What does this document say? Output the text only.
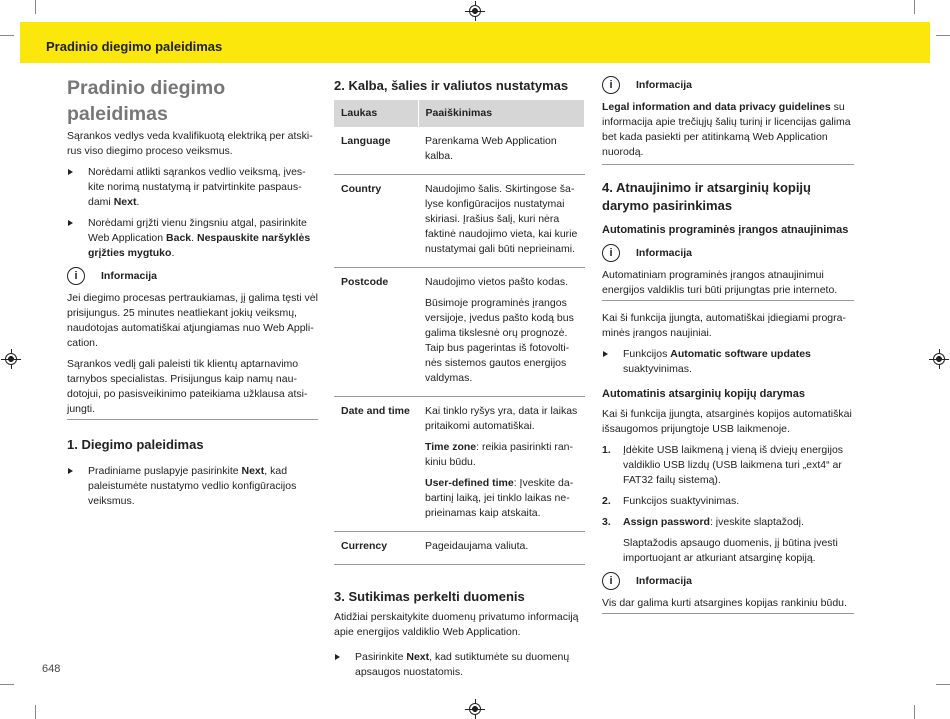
Pradinio diegimo paleidimas
Pradinio diegimo paleidimas

Sąrankos vedlys veda kvalifikuotą elektriką per atskirus viso diegimo proceso veiksmus.

Norėdami atlikti sąrankos vedlio veiksmą, įveskite norimą nustatymą ir patvirtinkite paspausdami Next.
Norėdami grįžti vienu žingsniu atgal, pasirinkite Web Application Back. Nespauskite naršyklės grįžties mygtuko.
i	Informacija

Jei diegimo procesas pertraukiamas, jį galima tęsti vėl prisijungus. 25 minutes neatliekant jokių veiksmų, naudotojas automatiškai atjungiamas nuo Web Application.

Sąrankos vedlį gali paleisti tik klientų aptarnavimo tarnybos specialistas. Prisijungus kaip namų naudotojui, po pasisveikinimo pateikiama užklausa atsijungti.

1. Diegimo paleidimas
Pradiniame puslapyje pasirinkite Next, kad paleistumėte nustatymo vedlio konfigūracijos veiksmus.
2. Kalba, šalies ir valiutos nustatymas
Laukas	Paaiškinimas
Language	Parenkama Web Application kalba.
Country	Naudojimo šalis. Skirtingose šalyse konfigūracijos nustatymai skiriasi. Įrašius šalį, kuri nėra faktinė naudojimo vieta, kai kurie nustatymai gali būti neprieinami.
Postcode	Naudojimo vietos pašto kodas.

Būsimoje programinės įrangos versijoje, įvedus pašto kodą bus galima tikslesnė orų prognozė. Taip bus pagerintas iš fotovoltinės sistemos gautos energijos valdymas.

Date and time	Kai tinklo ryšys yra, data ir laikas pritaikomi automatiškai.

Time zone: reikia pasirinkti rankiniu būdu.

User-defined time: Įveskite dabartinį laiką, jei tinklo laikas neprieinamas kaip atskaita.

Currency	Pageidaujama valiuta.
3. Sutikimas perkelti duomenis

Atidžiai perskaitykite duomenų privatumo informaciją apie energijos valdiklio Web Application.

Pasirinkite Next, kad sutiktumėte su duomenų apsaugos nuostatomis.
i	Informacija
Legal information and data privacy guidelines su informacija apie trečiųjų šalių turinį ir licencijas galima bet kada pasiekti per atitinkamą Web Application nuorodą.
4. Atnaujinimo ir atsarginių kopijų darymo pasirinkimas
Automatinis programinės įrangos atnaujinimas
i	Informacija
Automatiniam programinės įrangos atnaujinimui energijos valdiklis turi būti prijungtas prie interneto.

Kai ši funkcija įjungta, automatiškai įdiegiami programinės įrangos naujiniai.

Funkcijos Automatic software updates suaktyvinimas.
Automatinis atsarginių kopijų darymas

Kai ši funkcija įjungta, atsarginės kopijos automatiškai išsaugomos prijungtoje USB laikmenoje.

1. Įdėkite USB laikmeną į vieną iš dviejų energijos valdiklio USB lizdų (USB laikmena turi „ext4“ ar FAT32 failų sistemą).
2. Funkcijos suaktyvinimas.
3. Assign password: įveskite slaptažodį.

Slaptažodis apsaugo duomenis, jį būtina įvesti importuojant ar atkuriant atsarginę kopiją.

i	Informacija
Vis dar galima kurti atsargines kopijas rankiniu būdu.
648
